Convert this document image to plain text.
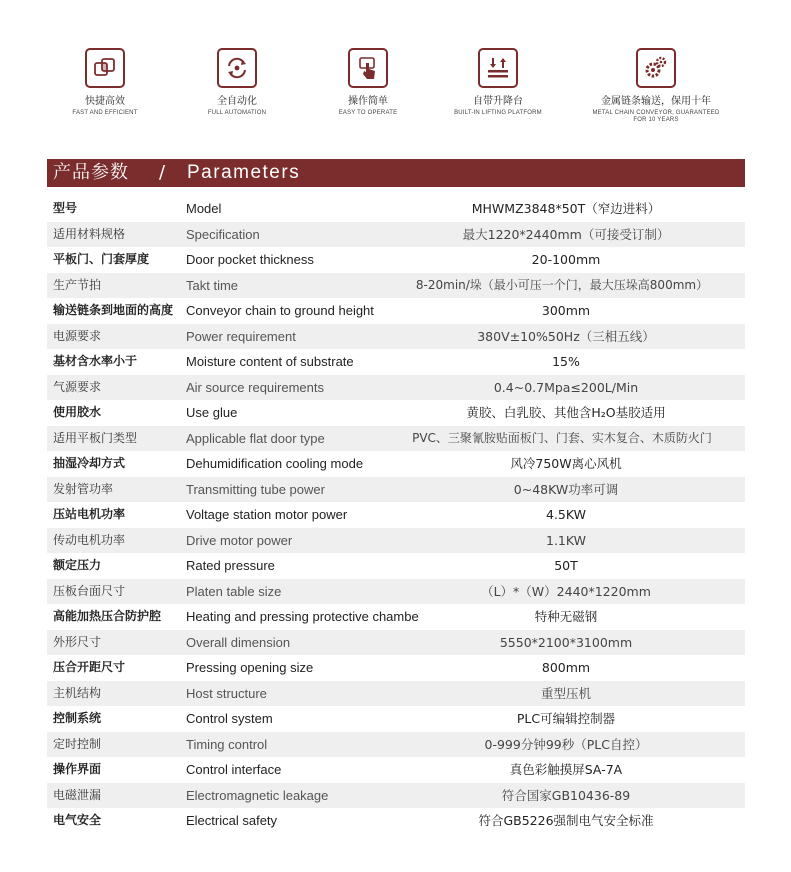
快捷高效
FAST AND EFFICIENT
全自动化
FULL AUTOMATION
操作简单
EASY TO OPERATE
自带升降台
BUILT-IN LIFTING PLATFORM
金属链条输送，保用十年
METAL CHAIN CONVEYOR, GUARANTEED FOR 10 YEARS
产品参数 / Parameters
型号	Model	MHWMZ3848*50T（窄边进料）
适用材料规格	Specification	最大1220*2440mm（可接受订制）
平板门、门套厚度	Door pocket thickness	20-100mm
生产节拍	Takt time	8-20min/垛（最小可压一个门，最大压垛高800mm）
输送链条到地面的高度 Conveyor chain to ground height	300mm
电源要求	Power requirement	380V±10%50Hz（三相五线）
基材含水率小于	Moisture content of substrate	15%
气源要求	Air source requirements	0.4~0.7Mpa≤200L/Min
使用胶水	Use glue	黄胶、白乳胶、其他含H₂O基胶适用
适用平板门类型	Applicable flat door type	PVC、三聚氰胺贴面板门、门套、实木复合、木质防火门
抽湿冷却方式	Dehumidification cooling mode	风冷750W离心风机
发射管功率	Transmitting tube power	0~48KW功率可调
压站电机功率	Voltage station motor power	4.5KW
传动电机功率	Drive motor power	1.1KW
额定压力	Rated pressure	50T
压板台面尺寸	Platen table size	（L）*（W）2440*1220mm
高能加热压合防护腔 Heating and pressing protective chambe	特种无磁钢
外形尺寸	Overall dimension	5550*2100*3100mm
压合开距尺寸	Pressing opening size	800mm
主机结构	Host structure	重型压机
控制系统	Control system	PLC可编辑控制器
定时控制	Timing control	0-999分钟99秒（PLC自控）
操作界面	Control interface	真色彩触摸屏SA-7A
电磁泄漏	Electromagnetic leakage	符合国家GB10436-89
电气安全	Electrical safety	符合GB5226强制电气安全标准
